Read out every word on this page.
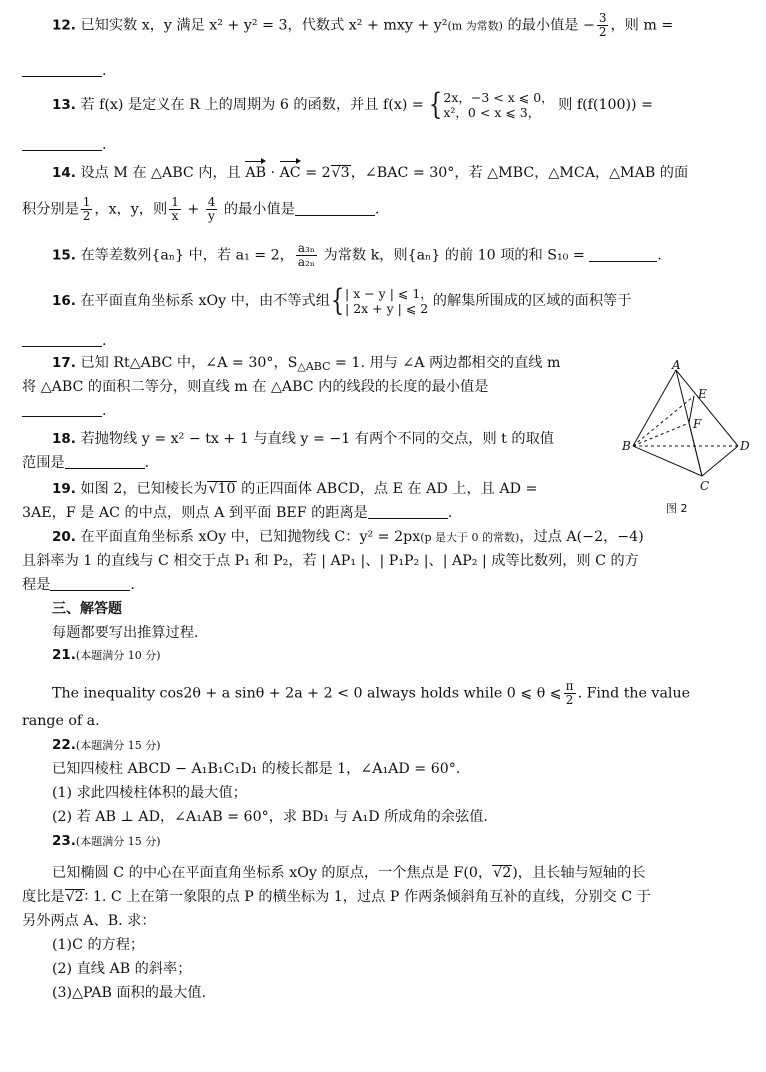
12. 已知实数 x，y 满足 x² + y² = 3，代数式 x² + mxy + y²(m 为常数) 的最小值是 − $\frac{3}{2}$ ，则 m =
.
13. 若 f(x) 是定义在 R 上的周期为 6 的函数，并且 f(x) = { 2x，−3 < x ⩽ 0，
x²，0 < x ⩽ 3，	则 f(f(100)) =
.
14. 设点 M 在 △ABC 内，且 AB · AC = 2√3，∠BAC = 30°，若 △MBC，△MCA，△MAB 的面
积分别是 $\frac{1}{2}$ ，x，y，则 $\frac{1}{x} + \frac{4}{y}$ 的最小值是	.
15. 在等差数列{aₙ} 中，若 a₁ = 2， $\frac{\text{a₃ₙ}}{\text{a₂ₙ}}$ 为常数 k，则{aₙ} 的前 10 项的和 S₁₀ =	.
16. 在平面直角坐标系 xOy 中，由不等式组{ | x − y | ⩽ 1，
| 2x + y | ⩽ 2 的解集所围成的区域的面积等于
.
17. 已知 Rt△ABC 中，∠A = 30°，$S_{\triangle ABC} = 1$. 用与 ∠A 两边都相交的直线 m
将 △ABC 的面积二等分，则直线 m 在 △ABC 内的线段的长度的最小值是
.
18. 若抛物线 y = x² − tx + 1 与直线 y = −1 有两个不同的交点，则 t 的取值
范围是	.
19. 如图 2，已知棱长为√10 的正四面体 ABCD，点 E 在 AD 上，且 AD =
3AE，F 是 AC 的中点，则点 A 到平面 BEF 的距离是	.
A
E
F
B	D
C
图 2
20. 在平面直角坐标系 xOy 中，已知抛物线 C：y² = 2px(p 是大于 0 的常数)，过点 A(−2，−4)
且斜率为 1 的直线与 C 相交于点 P₁ 和 P₂，若 | AP₁ |、| P₁P₂ |、| AP₂ | 成等比数列，则 C 的方
程是	.
三、解答题
每题都要写出推算过程.
21.(本题满分 10 分)
The inequality cos2θ + a sinθ + 2a + 2 < 0 always holds while 0 ⩽ θ ⩽ $\frac{\pi}{2}$ . Find the value
range of a.
22.(本题满分 15 分)
已知四棱柱 ABCD − A₁B₁C₁D₁ 的棱长都是 1，∠A₁AD = 60°.
(1) 求此四棱柱体积的最大值；
(2) 若 AB ⊥ AD，∠A₁AB = 60°，求 BD₁ 与 A₁D 所成角的余弦值.
23.(本题满分 15 分)
已知椭圆 C 的中心在平面直角坐标系 xOy 的原点，一个焦点是 F(0，√2)，且长轴与短轴的长
度比是√2∶ 1. C 上在第一象限的点 P 的横坐标为 1，过点 P 作两条倾斜角互补的直线，分别交 C 于
另外两点 A、B. 求：
(1)C 的方程；
(2) 直线 AB 的斜率；
(3)△PAB 面积的最大值.
